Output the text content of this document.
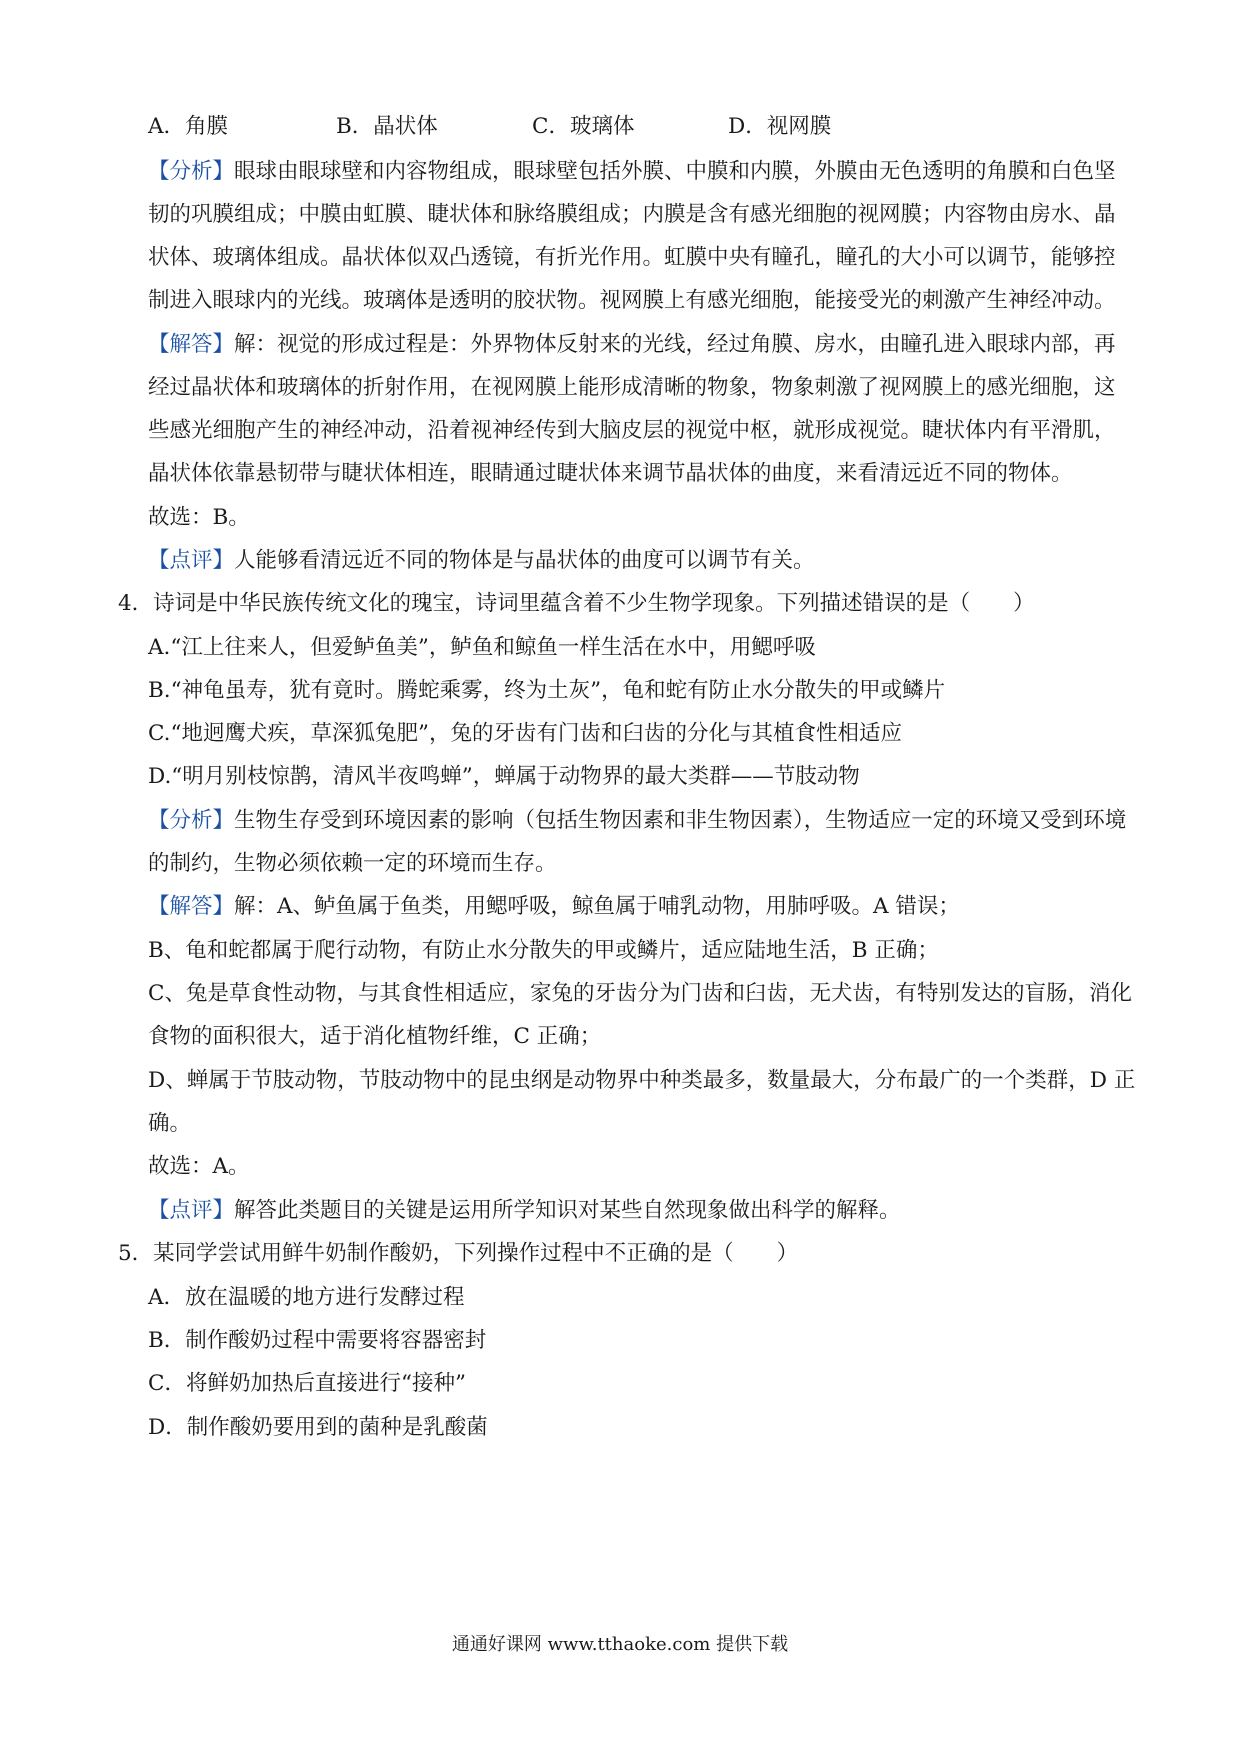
A．角膜	B．晶状体	C．玻璃体	D．视网膜
【分析】眼球由眼球壁和内容物组成，眼球壁包括外膜、中膜和内膜，外膜由无色透明的角膜和白色坚
韧的巩膜组成；中膜由虹膜、睫状体和脉络膜组成；内膜是含有感光细胞的视网膜；内容物由房水、晶
状体、玻璃体组成。晶状体似双凸透镜，有折光作用。虹膜中央有瞳孔，瞳孔的大小可以调节，能够控
制进入眼球内的光线。玻璃体是透明的胶状物。视网膜上有感光细胞，能接受光的刺激产生神经冲动。
【解答】解：视觉的形成过程是：外界物体反射来的光线，经过角膜、房水，由瞳孔进入眼球内部，再
经过晶状体和玻璃体的折射作用，在视网膜上能形成清晰的物象，物象刺激了视网膜上的感光细胞，这
些感光细胞产生的神经冲动，沿着视神经传到大脑皮层的视觉中枢，就形成视觉。睫状体内有平滑肌，
晶状体依靠悬韧带与睫状体相连，眼睛通过睫状体来调节晶状体的曲度，来看清远近不同的物体。
故选：B。
【点评】人能够看清远近不同的物体是与晶状体的曲度可以调节有关。
4．诗词是中华民族传统文化的瑰宝，诗词里蕴含着不少生物学现象。下列描述错误的是（　　）
A.“江上往来人，但爱鲈鱼美”，鲈鱼和鲸鱼一样生活在水中，用鳃呼吸
B.“神龟虽寿，犹有竟时。腾蛇乘雾，终为土灰”，龟和蛇有防止水分散失的甲或鳞片
C.“地迥鹰犬疾，草深狐兔肥”，兔的牙齿有门齿和臼齿的分化与其植食性相适应
D.“明月别枝惊鹊，清风半夜鸣蝉”，蝉属于动物界的最大类群——节肢动物
【分析】生物生存受到环境因素的影响（包括生物因素和非生物因素），生物适应一定的环境又受到环境
的制约，生物必须依赖一定的环境而生存。
【解答】解：A、鲈鱼属于鱼类，用鳃呼吸，鲸鱼属于哺乳动物，用肺呼吸。A 错误；
B、龟和蛇都属于爬行动物，有防止水分散失的甲或鳞片，适应陆地生活，B 正确；
C、兔是草食性动物，与其食性相适应，家兔的牙齿分为门齿和臼齿，无犬齿，有特别发达的盲肠，消化
食物的面积很大，适于消化植物纤维，C 正确；
D、蝉属于节肢动物，节肢动物中的昆虫纲是动物界中种类最多，数量最大，分布最广的一个类群，D 正
确。
故选：A。
【点评】解答此类题目的关键是运用所学知识对某些自然现象做出科学的解释。
5．某同学尝试用鲜牛奶制作酸奶，下列操作过程中不正确的是（　　）
A．放在温暖的地方进行发酵过程
B．制作酸奶过程中需要将容器密封
C．将鲜奶加热后直接进行“接种”
D．制作酸奶要用到的菌种是乳酸菌
通通好课网 www.tthaoke.com 提供下载
